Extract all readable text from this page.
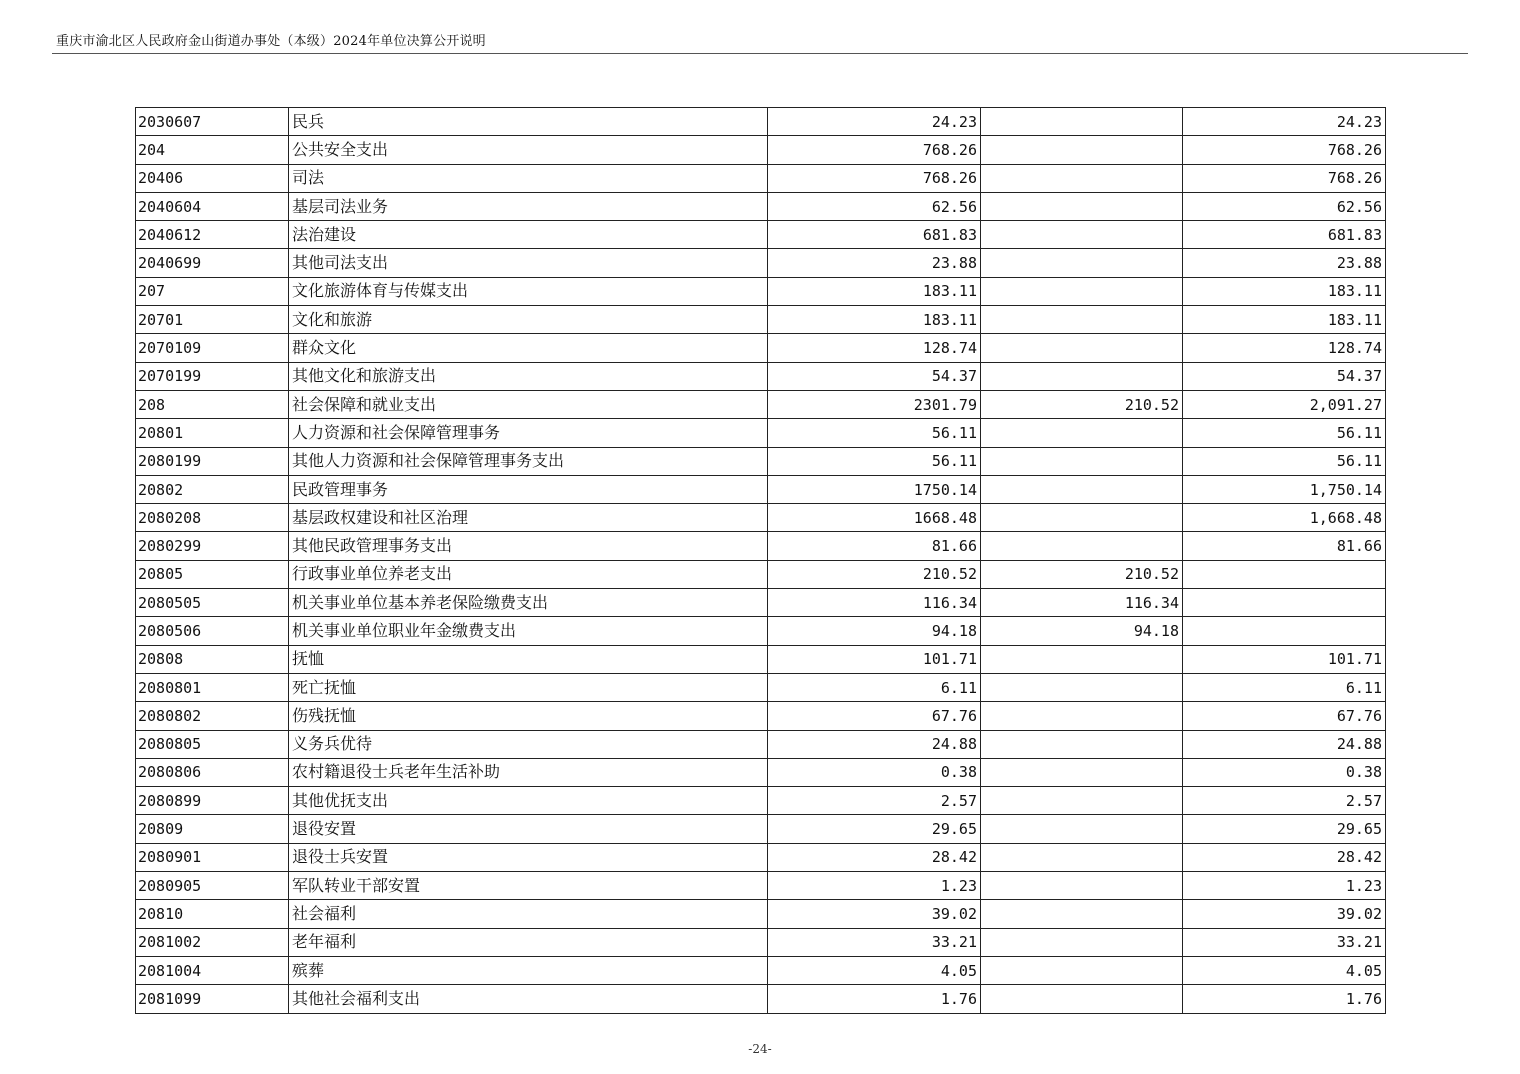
重庆市渝北区人民政府金山街道办事处（本级）2024年单位决算公开说明
2030607	民兵	24.23		24.23
204	公共安全支出	768.26		768.26
20406	司法	768.26		768.26
2040604	基层司法业务	62.56		62.56
2040612	法治建设	681.83		681.83
2040699	其他司法支出	23.88		23.88
207	文化旅游体育与传媒支出	183.11		183.11
20701	文化和旅游	183.11		183.11
2070109	群众文化	128.74		128.74
2070199	其他文化和旅游支出	54.37		54.37
208	社会保障和就业支出	2301.79	210.52	2,091.27
20801	人力资源和社会保障管理事务	56.11		56.11
2080199	其他人力资源和社会保障管理事务支出	56.11		56.11
20802	民政管理事务	1750.14		1,750.14
2080208	基层政权建设和社区治理	1668.48		1,668.48
2080299	其他民政管理事务支出	81.66		81.66
20805	行政事业单位养老支出	210.52	210.52	
2080505	机关事业单位基本养老保险缴费支出	116.34	116.34	
2080506	机关事业单位职业年金缴费支出	94.18	94.18	
20808	抚恤	101.71		101.71
2080801	死亡抚恤	6.11		6.11
2080802	伤残抚恤	67.76		67.76
2080805	义务兵优待	24.88		24.88
2080806	农村籍退役士兵老年生活补助	0.38		0.38
2080899	其他优抚支出	2.57		2.57
20809	退役安置	29.65		29.65
2080901	退役士兵安置	28.42		28.42
2080905	军队转业干部安置	1.23		1.23
20810	社会福利	39.02		39.02
2081002	老年福利	33.21		33.21
2081004	殡葬	4.05		4.05
2081099	其他社会福利支出	1.76		1.76
-24-
